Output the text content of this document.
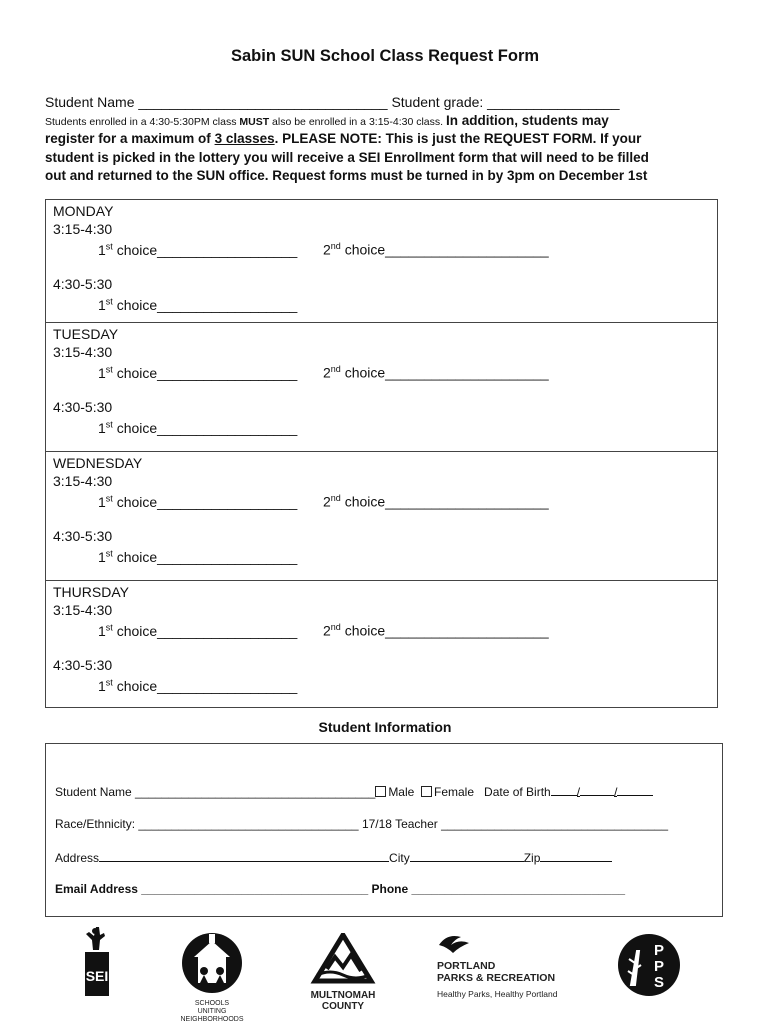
Sabin SUN School Class Request Form
Student Name ________________________________ Student grade: _________________
Students enrolled in a 4:30-5:30PM class MUST also be enrolled in a 3:15-4:30 class. In addition, students may
register for a maximum of 3 classes. PLEASE NOTE: This is just the REQUEST FORM. If your
student is picked in the lottery you will receive a SEI Enrollment form that will need to be filled
out and returned to the SUN office. Request forms must be turned in by 3pm on December 1st
MONDAY
3:15-4:30
1st choice__________________ 2nd choice_____________________
4:30-5:30
1st choice__________________
TUESDAY
3:15-4:30
1st choice__________________ 2nd choice_____________________
4:30-5:30
1st choice__________________
WEDNESDAY
3:15-4:30
1st choice__________________ 2nd choice_____________________
4:30-5:30
1st choice__________________
THURSDAY
3:15-4:30
1st choice__________________ 2nd choice_____________________
4:30-5:30
1st choice__________________
Student Information
Student Name ____________________________________ Male Female Date of Birth /	/
Race/Ethnicity: _________________________________ 17/18 Teacher __________________________________
Address	City	Zip
Email Address __________________________________ Phone ________________________________
SEI
SCHOOLS UNITING
NEIGHBORHOODS
MULTNOMAH
COUNTY
PORTLAND
PARKS & RECREATION
Healthy Parks, Healthy Portland
P
P
S
